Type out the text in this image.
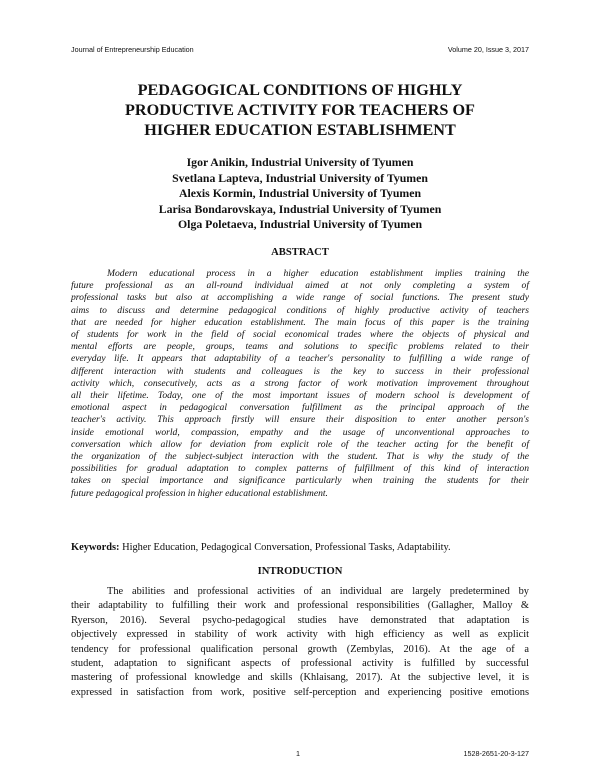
Journal of Entrepreneurship Education	Volume 20, Issue 3, 2017
PEDAGOGICAL CONDITIONS OF HIGHLY
PRODUCTIVE ACTIVITY FOR TEACHERS OF
HIGHER EDUCATION ESTABLISHMENT
Igor Anikin, Industrial University of Tyumen
Svetlana Lapteva, Industrial University of Tyumen
Alexis Kormin, Industrial University of Tyumen
Larisa Bondarovskaya, Industrial University of Tyumen
Olga Poletaeva, Industrial University of Tyumen
ABSTRACT
Modern educational process in a higher education establishment implies training the
future professional as an all-round individual aimed at not only completing a system of
professional tasks but also at accomplishing a wide range of social functions. The present study
aims to discuss and determine pedagogical conditions of highly productive activity of teachers
that are needed for higher education establishment. The main focus of this paper is the training
of students for work in the field of social economical trades where the objects of physical and
mental efforts are people, groups, teams and solutions to specific problems related to their
everyday life. It appears that adaptability of a teacher's personality to fulfilling a wide range of
different interaction with students and colleagues is the key to success in their professional
activity which, consecutively, acts as a strong factor of work motivation improvement throughout
all their lifetime. Today, one of the most important issues of modern school is development of
emotional aspect in pedagogical conversation fulfillment as the principal approach of the
teacher's activity. This approach firstly will ensure their disposition to enter another person's
inside emotional world, compassion, empathy and the usage of unconventional approaches to
conversation which allow for deviation from explicit role of the teacher acting for the benefit of
the organization of the subject-subject interaction with the student. That is why the study of the
possibilities for gradual adaptation to complex patterns of fulfillment of this kind of interaction
takes on special importance and significance particularly when training the students for their
future pedagogical profession in higher educational establishment.
Keywords: Higher Education, Pedagogical Conversation, Professional Tasks, Adaptability.
INTRODUCTION
The abilities and professional activities of an individual are largely predetermined by
their adaptability to fulfilling their work and professional responsibilities (Gallagher, Malloy &
Ryerson, 2016). Several psycho-pedagogical studies have demonstrated that adaptation is
objectively expressed in stability of work activity with high efficiency as well as explicit
tendency for professional qualification personal growth (Zembylas, 2016). At the age of a
student, adaptation to significant aspects of professional activity is fulfilled by successful
mastering of professional knowledge and skills (Khlaisang, 2017). At the subjective level, it is
expressed in satisfaction from work, positive self-perception and experiencing positive emotions
1	1528-2651-20-3-127
